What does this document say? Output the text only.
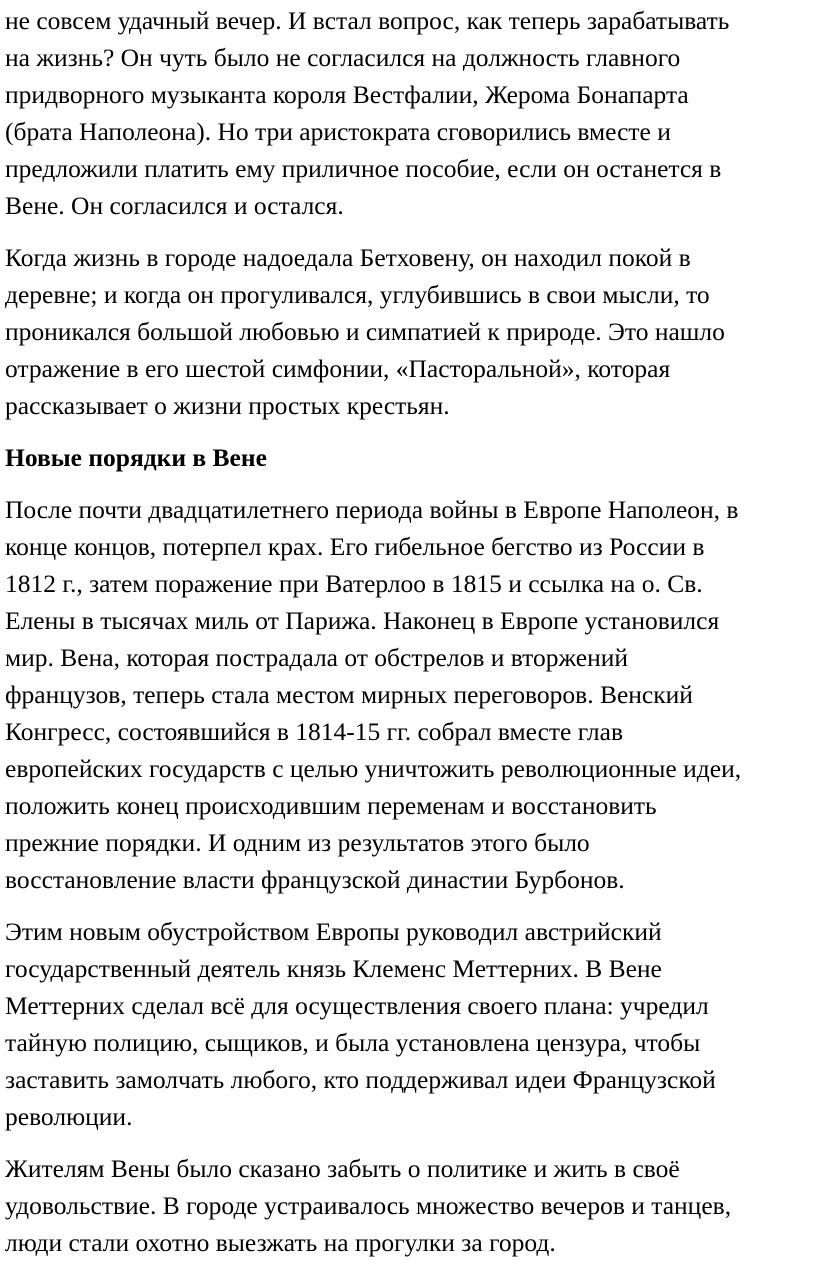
не совсем удачный вечер. И встал вопрос, как теперь зарабатывать
на жизнь? Он чуть было не согласился на должность главного
придворного музыканта короля Вестфалии, Жерома Бонапарта
(брата Наполеона). Но три аристократа сговорились вместе и
предложили платить ему приличное пособие, если он останется в
Вене. Он согласился и остался.

Когда жизнь в городе надоедала Бетховену, он находил покой в
деревне; и когда он прогуливался, углубившись в свои мысли, то
проникался большой любовью и симпатией к природе. Это нашло
отражение в его шестой симфонии, «Пасторальной», которая
рассказывает о жизни простых крестьян.

Новые порядки в Вене

После почти двадцатилетнего периода войны в Европе Наполеон, в
конце концов, потерпел крах. Его гибельное бегство из России в
1812 г., затем поражение при Ватерлоо в 1815 и ссылка на о. Св.
Елены в тысячах миль от Парижа. Наконец в Европе установился
мир. Вена, которая пострадала от обстрелов и вторжений
французов, теперь стала местом мирных переговоров. Венский
Конгресс, состоявшийся в 1814-15 гг. собрал вместе глав
европейских государств с целью уничтожить революционные идеи,
положить конец происходившим переменам и восстановить
прежние порядки. И одним из результатов этого было
восстановление власти французской династии Бурбонов.

Этим новым обустройством Европы руководил австрийский
государственный деятель князь Клеменс Меттерних. В Вене
Меттерних сделал всё для осуществления своего плана: учредил
тайную полицию, сыщиков, и была установлена цензура, чтобы
заставить замолчать любого, кто поддерживал идеи Французской
революции.

Жителям Вены было сказано забыть о политике и жить в своё
удовольствие. В городе устраивалось множество вечеров и танцев,
люди стали охотно выезжать на прогулки за город.
